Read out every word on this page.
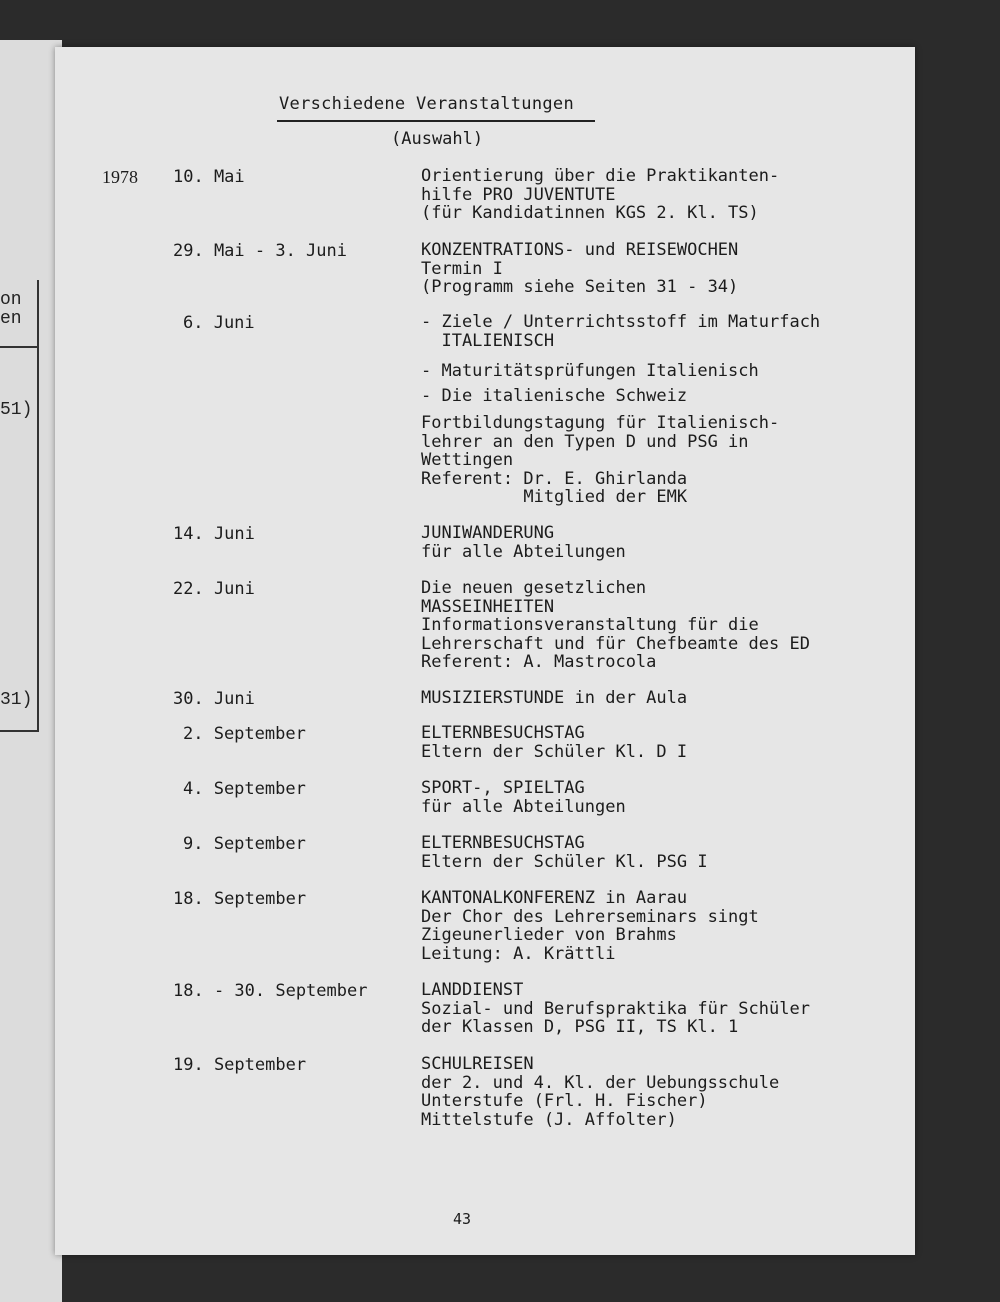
on
en
51)
31)
Verschiedene Veranstaltungen
(Auswahl)
1978 10. Mai	Orientierung über die Praktikanten-
hilfe PRO JUVENTUTE
(für Kandidatinnen KGS 2. Kl. TS)
29. Mai - 3. Juni	KONZENTRATIONS- und REISEWOCHEN
Termin I
(Programm siehe Seiten 31 - 34)
6. Juni	- Ziele / Unterrichtsstoff im Maturfach
ITALIENISCH
- Maturitätsprüfungen Italienisch
- Die italienische Schweiz
Fortbildungstagung für Italienisch-
lehrer an den Typen D und PSG in
Wettingen
Referent: Dr. E. Ghirlanda
Mitglied der EMK
14. Juni	JUNIWANDERUNG
für alle Abteilungen
22. Juni	Die neuen gesetzlichen
MASSEINHEITEN
Informationsveranstaltung für die
Lehrerschaft und für Chefbeamte des ED
Referent: A. Mastrocola
30. Juni	MUSIZIERSTUNDE in der Aula
2. September	ELTERNBESUCHSTAG
Eltern der Schüler Kl. D I
4. September	SPORT-, SPIELTAG
für alle Abteilungen
9. September	ELTERNBESUCHSTAG
Eltern der Schüler Kl. PSG I
18. September	KANTONALKONFERENZ in Aarau
Der Chor des Lehrerseminars singt
Zigeunerlieder von Brahms
Leitung: A. Krättli
18. - 30. September	LANDDIENST
Sozial- und Berufspraktika für Schüler
der Klassen D, PSG II, TS Kl. 1
19. September	SCHULREISEN
der 2. und 4. Kl. der Uebungsschule
Unterstufe (Frl. H. Fischer)
Mittelstufe (J. Affolter)
43
